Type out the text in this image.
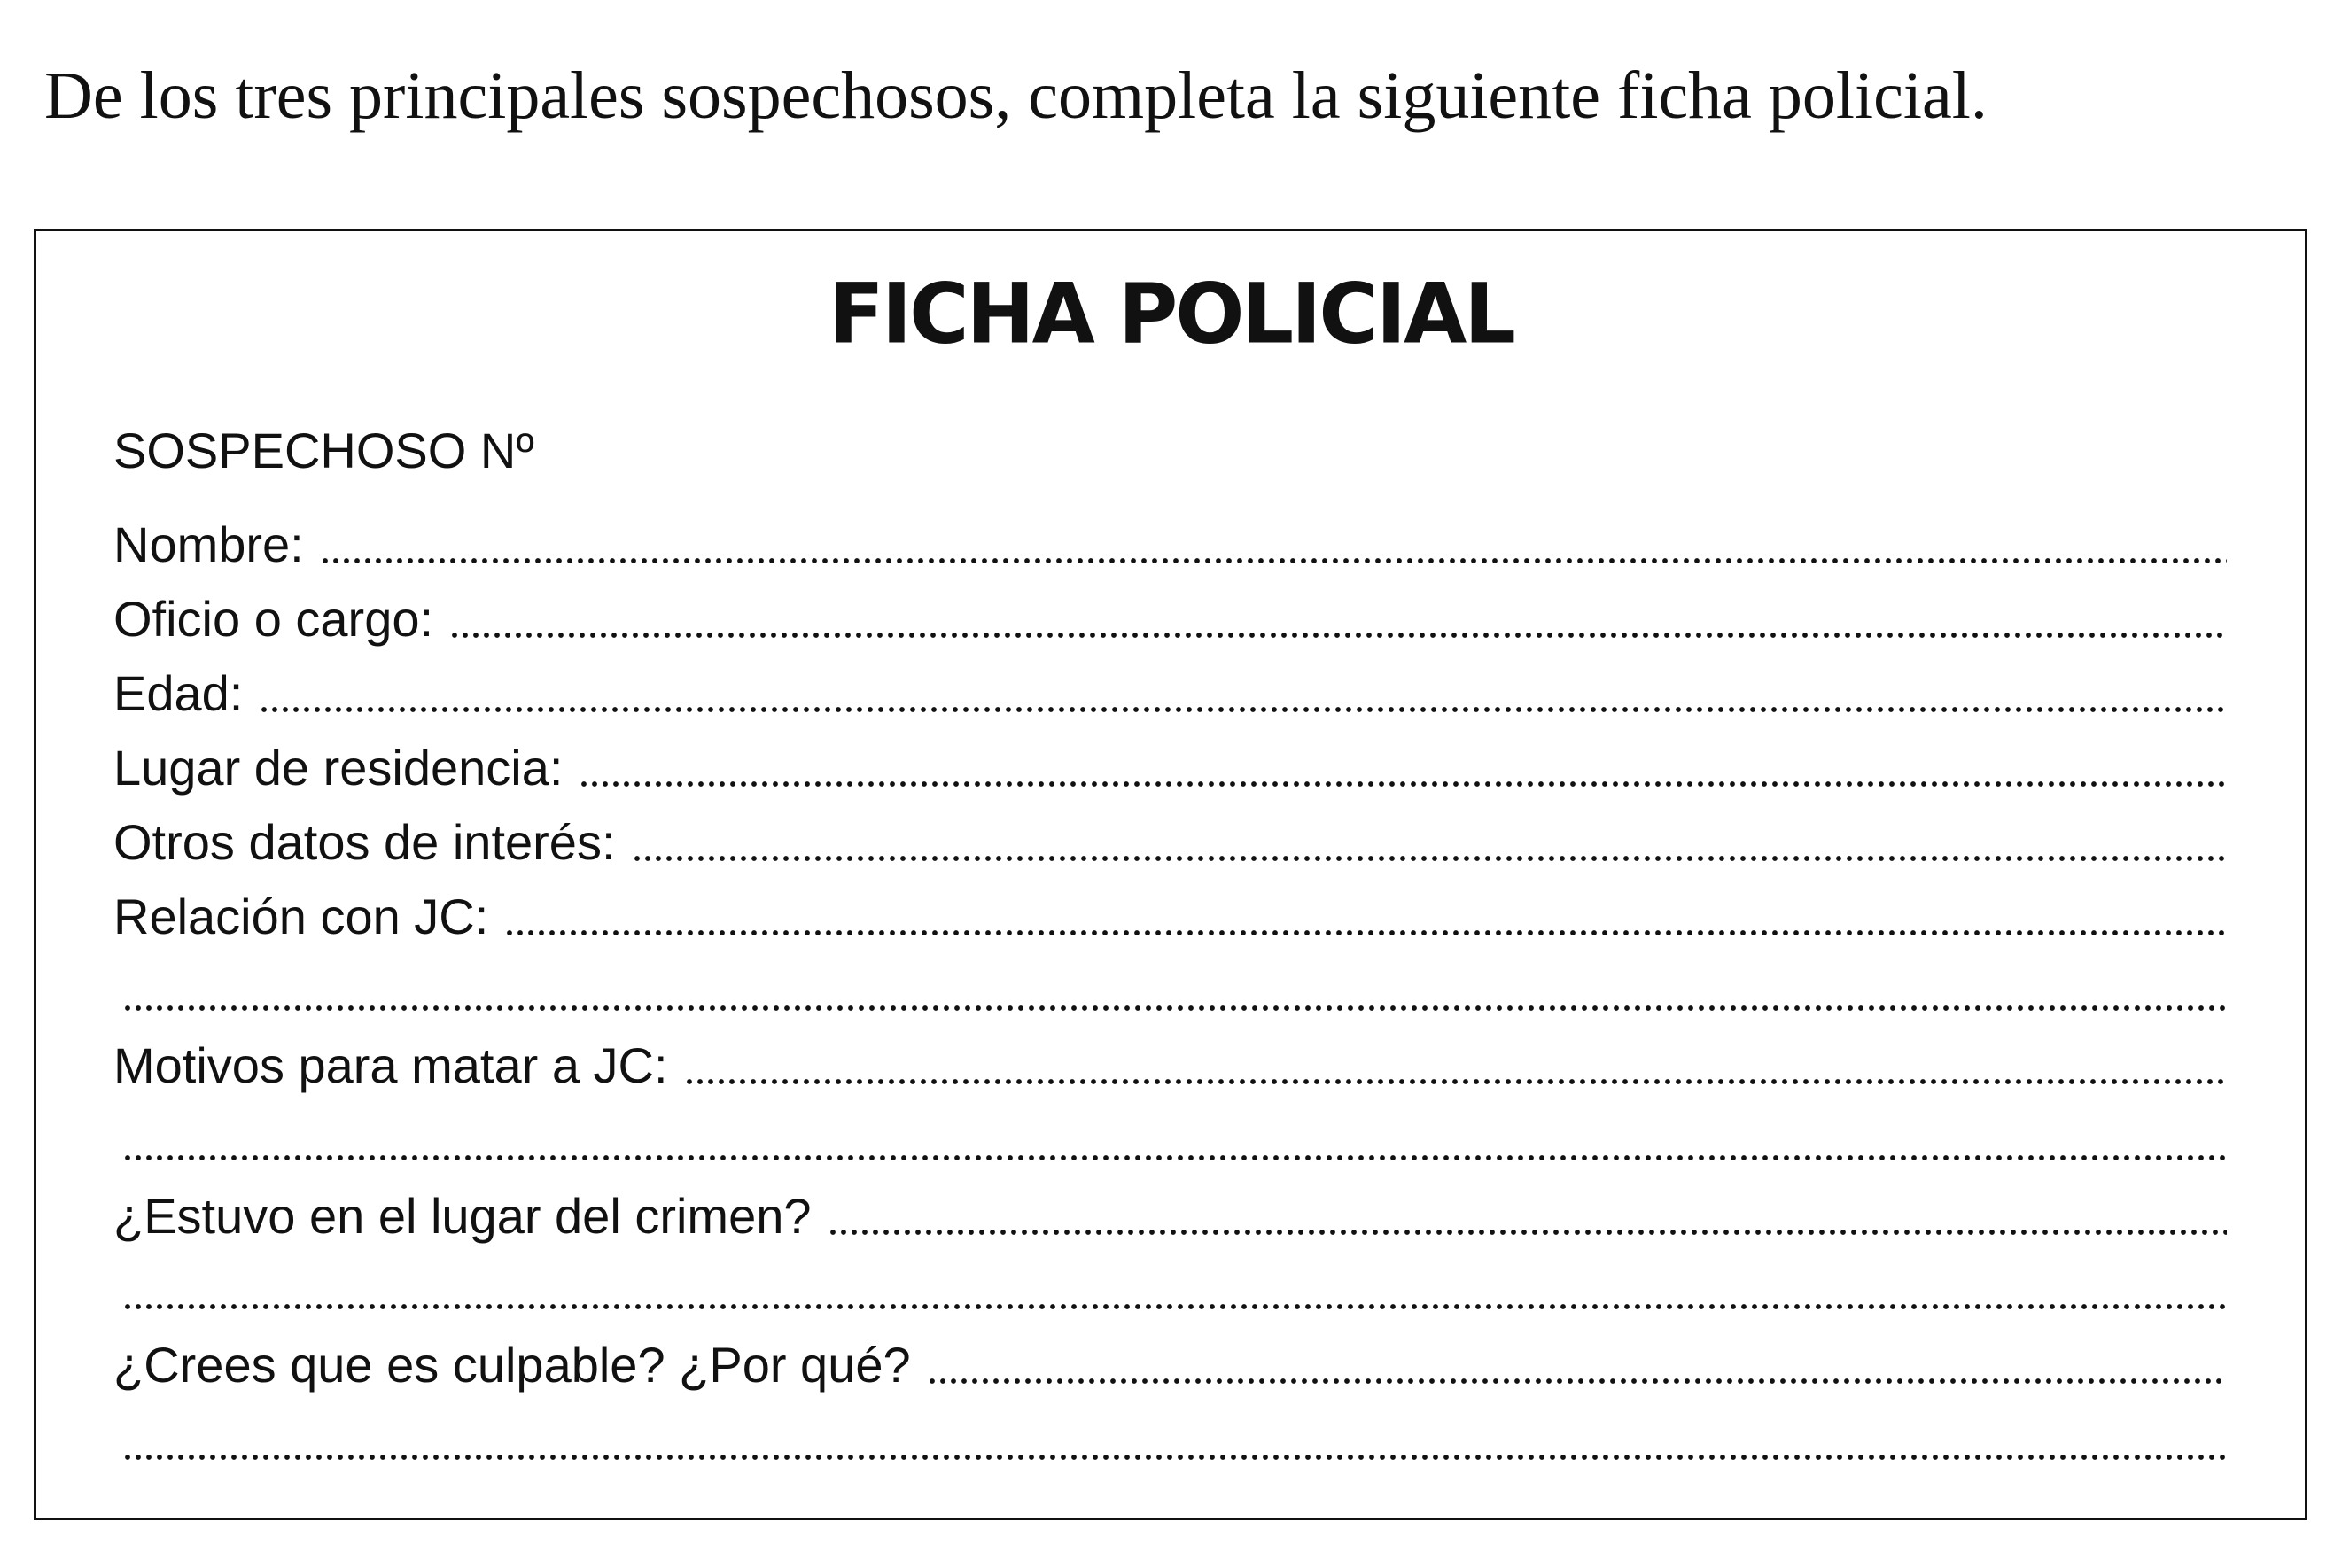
De los tres principales sospechosos, completa la siguiente ficha policial.
FICHA POLICIAL
SOSPECHOSO Nº
Nombre:
Oficio o cargo:
Edad:
Lugar de residencia:
Otros datos de interés:
Relación con JC:
Motivos para matar a JC:
¿Estuvo en el lugar del crimen?
¿Crees que es culpable? ¿Por qué?
